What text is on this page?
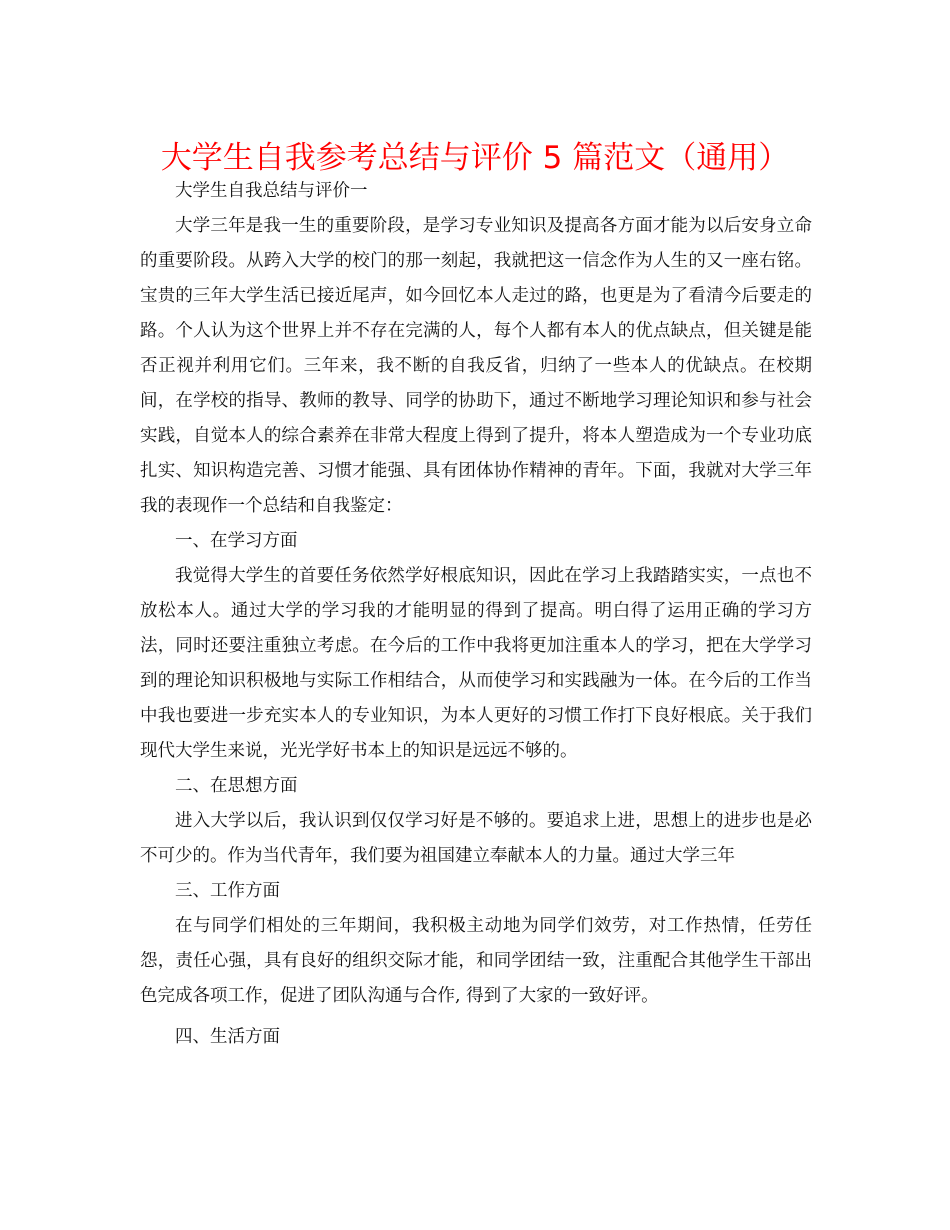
大学生自我参考总结与评价 5 篇范文（通用）

大学生自我总结与评价一

大学三年是我一生的重要阶段，是学习专业知识及提高各方面才能为以后安身立命的重要阶段。从跨入大学的校门的那一刻起，我就把这一信念作为人生的又一座右铭。宝贵的三年大学生活已接近尾声，如今回忆本人走过的路，也更是为了看清今后要走的路。个人认为这个世界上并不存在完满的人，每个人都有本人的优点缺点，但关键是能否正视并利用它们。三年来，我不断的自我反省，归纳了一些本人的优缺点。在校期间，在学校的指导、教师的教导、同学的协助下，通过不断地学习理论知识和参与社会实践，自觉本人的综合素养在非常大程度上得到了提升，将本人塑造成为一个专业功底扎实、知识构造完善、习惯才能强、具有团体协作精神的青年。下面，我就对大学三年我的表现作一个总结和自我鉴定：

一、在学习方面

我觉得大学生的首要任务依然学好根底知识，因此在学习上我踏踏实实，一点也不放松本人。通过大学的学习我的才能明显的得到了提高。明白得了运用正确的学习方法，同时还要注重独立考虑。在今后的工作中我将更加注重本人的学习，把在大学学习到的理论知识积极地与实际工作相结合，从而使学习和实践融为一体。在今后的工作当中我也要进一步充实本人的专业知识，为本人更好的习惯工作打下良好根底。关于我们现代大学生来说，光光学好书本上的知识是远远不够的。

二、在思想方面

进入大学以后，我认识到仅仅学习好是不够的。要追求上进，思想上的进步也是必不可少的。作为当代青年，我们要为祖国建立奉献本人的力量。通过大学三年

三、工作方面

在与同学们相处的三年期间，我积极主动地为同学们效劳，对工作热情，任劳任怨，责任心强，具有良好的组织交际才能，和同学团结一致，注重配合其他学生干部出色完成各项工作，促进了团队沟通与合作, 得到了大家的一致好评。

四、生活方面
